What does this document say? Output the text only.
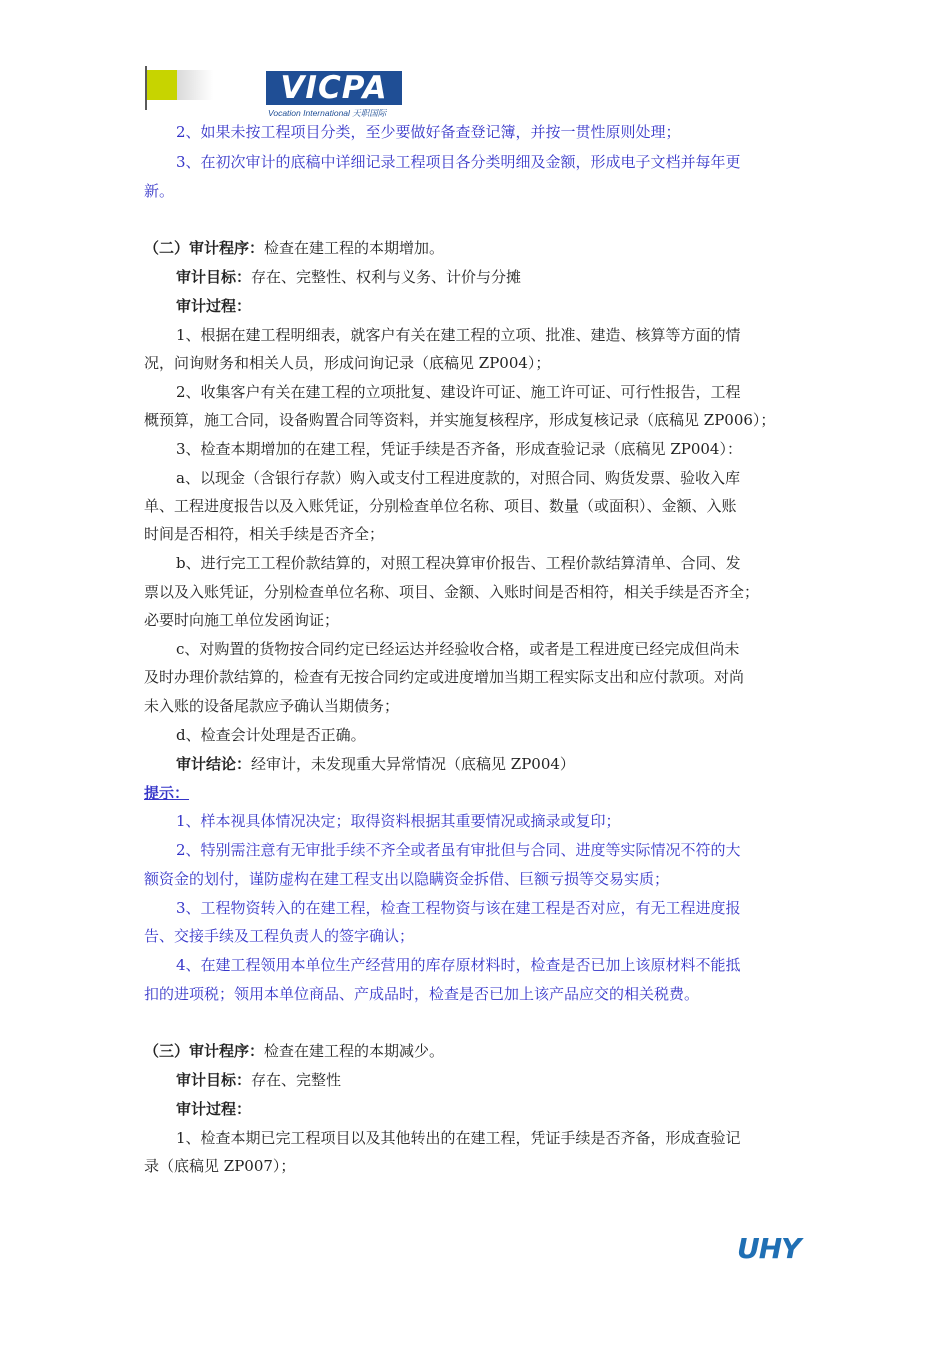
VICPA
Vocation International 天职国际
2、如果未按工程项目分类，至少要做好备查登记簿，并按一贯性原则处理；
3、在初次审计的底稿中详细记录工程项目各分类明细及金额，形成电子文档并每年更
新。
（二）审计程序：检查在建工程的本期增加。
审计目标：存在、完整性、权利与义务、计价与分摊
审计过程：
1、根据在建工程明细表，就客户有关在建工程的立项、批准、建造、核算等方面的情
况，问询财务和相关人员，形成问询记录（底稿见 ZP004）；
2、收集客户有关在建工程的立项批复、建设许可证、施工许可证、可行性报告，工程
概预算，施工合同，设备购置合同等资料，并实施复核程序，形成复核记录（底稿见 ZP006）；
3、检查本期增加的在建工程，凭证手续是否齐备，形成查验记录（底稿见 ZP004）：
a、以现金（含银行存款）购入或支付工程进度款的，对照合同、购货发票、验收入库
单、工程进度报告以及入账凭证，分别检查单位名称、项目、数量（或面积）、金额、入账
时间是否相符，相关手续是否齐全；
b、进行完工工程价款结算的，对照工程决算审价报告、工程价款结算清单、合同、发
票以及入账凭证，分别检查单位名称、项目、金额、入账时间是否相符，相关手续是否齐全；
必要时向施工单位发函询证；
c、对购置的货物按合同约定已经运达并经验收合格，或者是工程进度已经完成但尚未
及时办理价款结算的，检查有无按合同约定或进度增加当期工程实际支出和应付款项。对尚
未入账的设备尾款应予确认当期债务；
d、检查会计处理是否正确。
审计结论：经审计，未发现重大异常情况（底稿见 ZP004）
提示：
1、样本视具体情况决定；取得资料根据其重要情况或摘录或复印；
2、特别需注意有无审批手续不齐全或者虽有审批但与合同、进度等实际情况不符的大
额资金的划付，谨防虚构在建工程支出以隐瞒资金拆借、巨额亏损等交易实质；
3、工程物资转入的在建工程，检查工程物资与该在建工程是否对应，有无工程进度报
告、交接手续及工程负责人的签字确认；
4、在建工程领用本单位生产经营用的库存原材料时，检查是否已加上该原材料不能抵
扣的进项税；领用本单位商品、产成品时，检查是否已加上该产品应交的相关税费。
（三）审计程序：检查在建工程的本期减少。
审计目标：存在、完整性
审计过程：
1、检查本期已完工程项目以及其他转出的在建工程，凭证手续是否齐备，形成查验记
录（底稿见 ZP007）；
UHY
